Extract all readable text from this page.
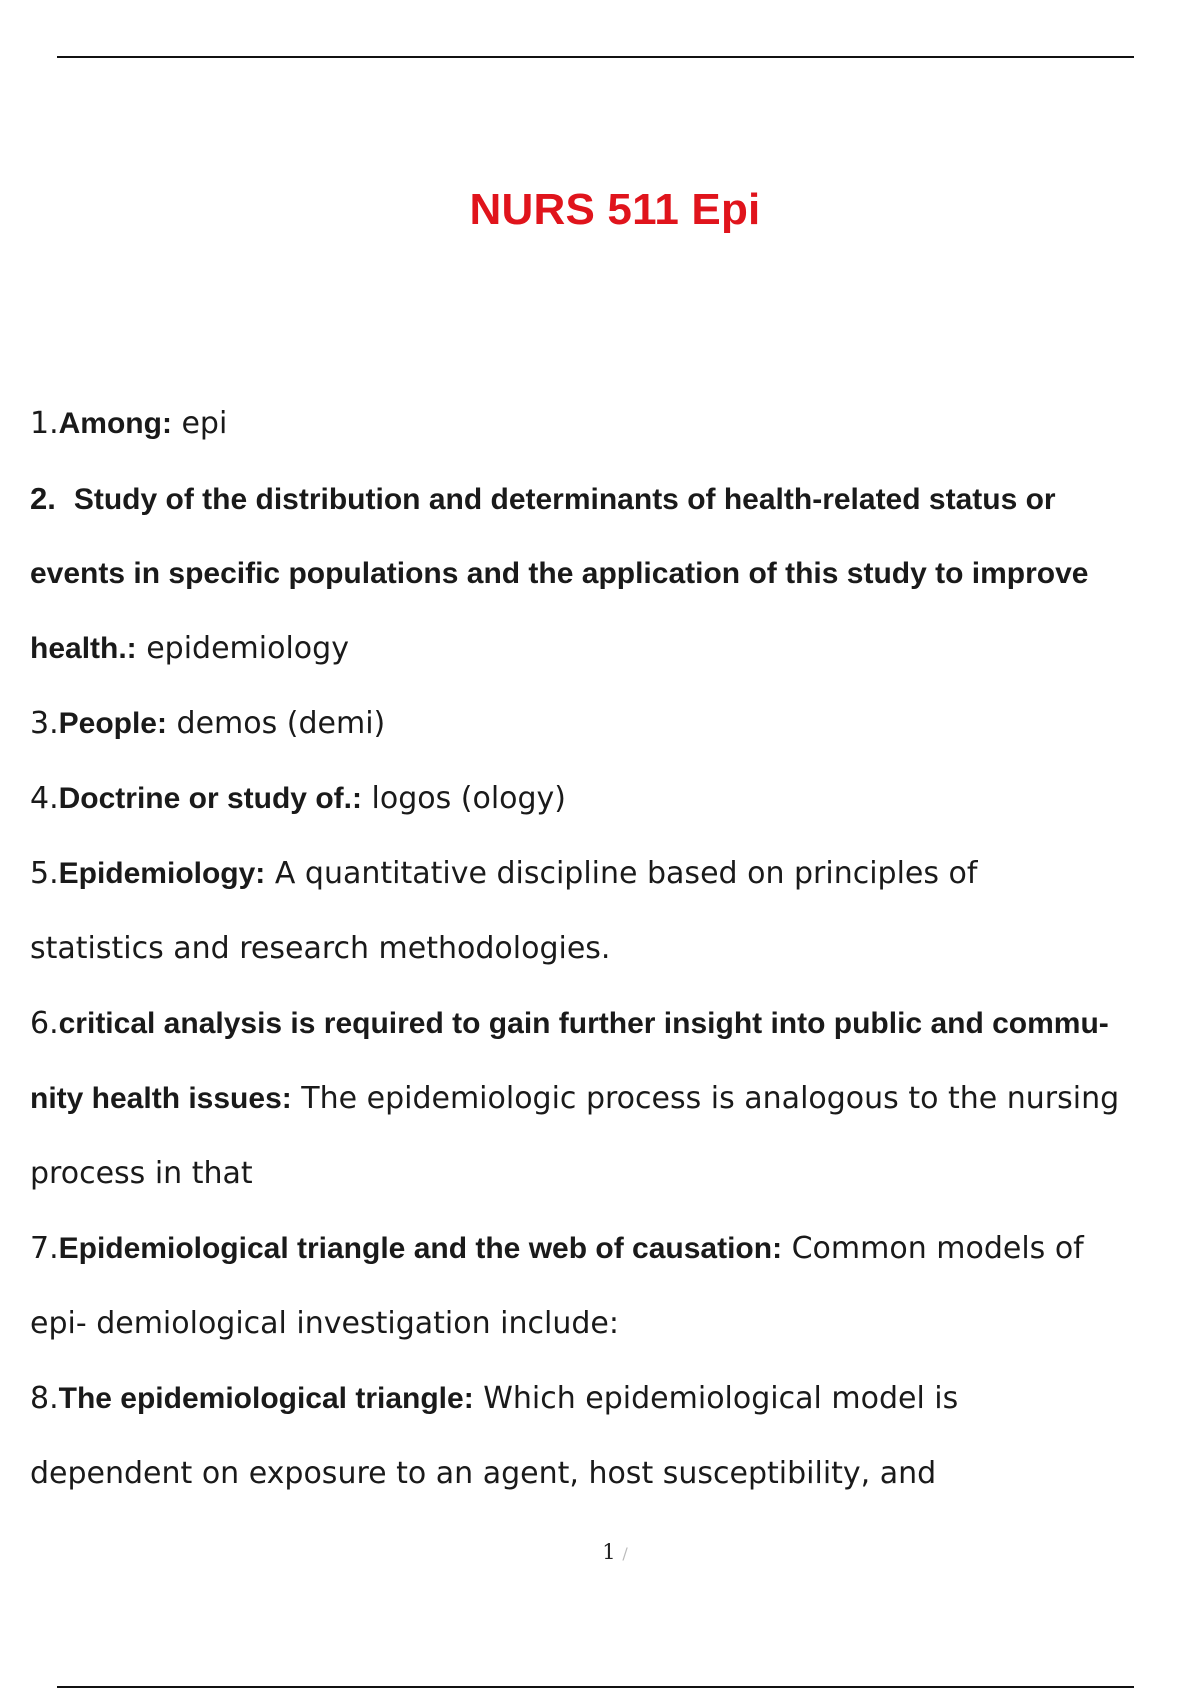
NURS 511 Epi
1.Among: epi
2. Study of the distribution and determinants of health-related status or
events in specific populations and the application of this study to improve
health.: epidemiology
3.People: demos (demi)
4.Doctrine or study of.: logos (ology)
5.Epidemiology: A quantitative discipline based on principles of
statistics and research methodologies.
6.critical analysis is required to gain further insight into public and commu-
nity health issues: The epidemiologic process is analogous to the nursing
process in that
7.Epidemiological triangle and the web of causation: Common models of
epi- demiological investigation include:
8.The epidemiological triangle: Which epidemiological model is
dependent on exposure to an agent, host susceptibility, and
1 /
